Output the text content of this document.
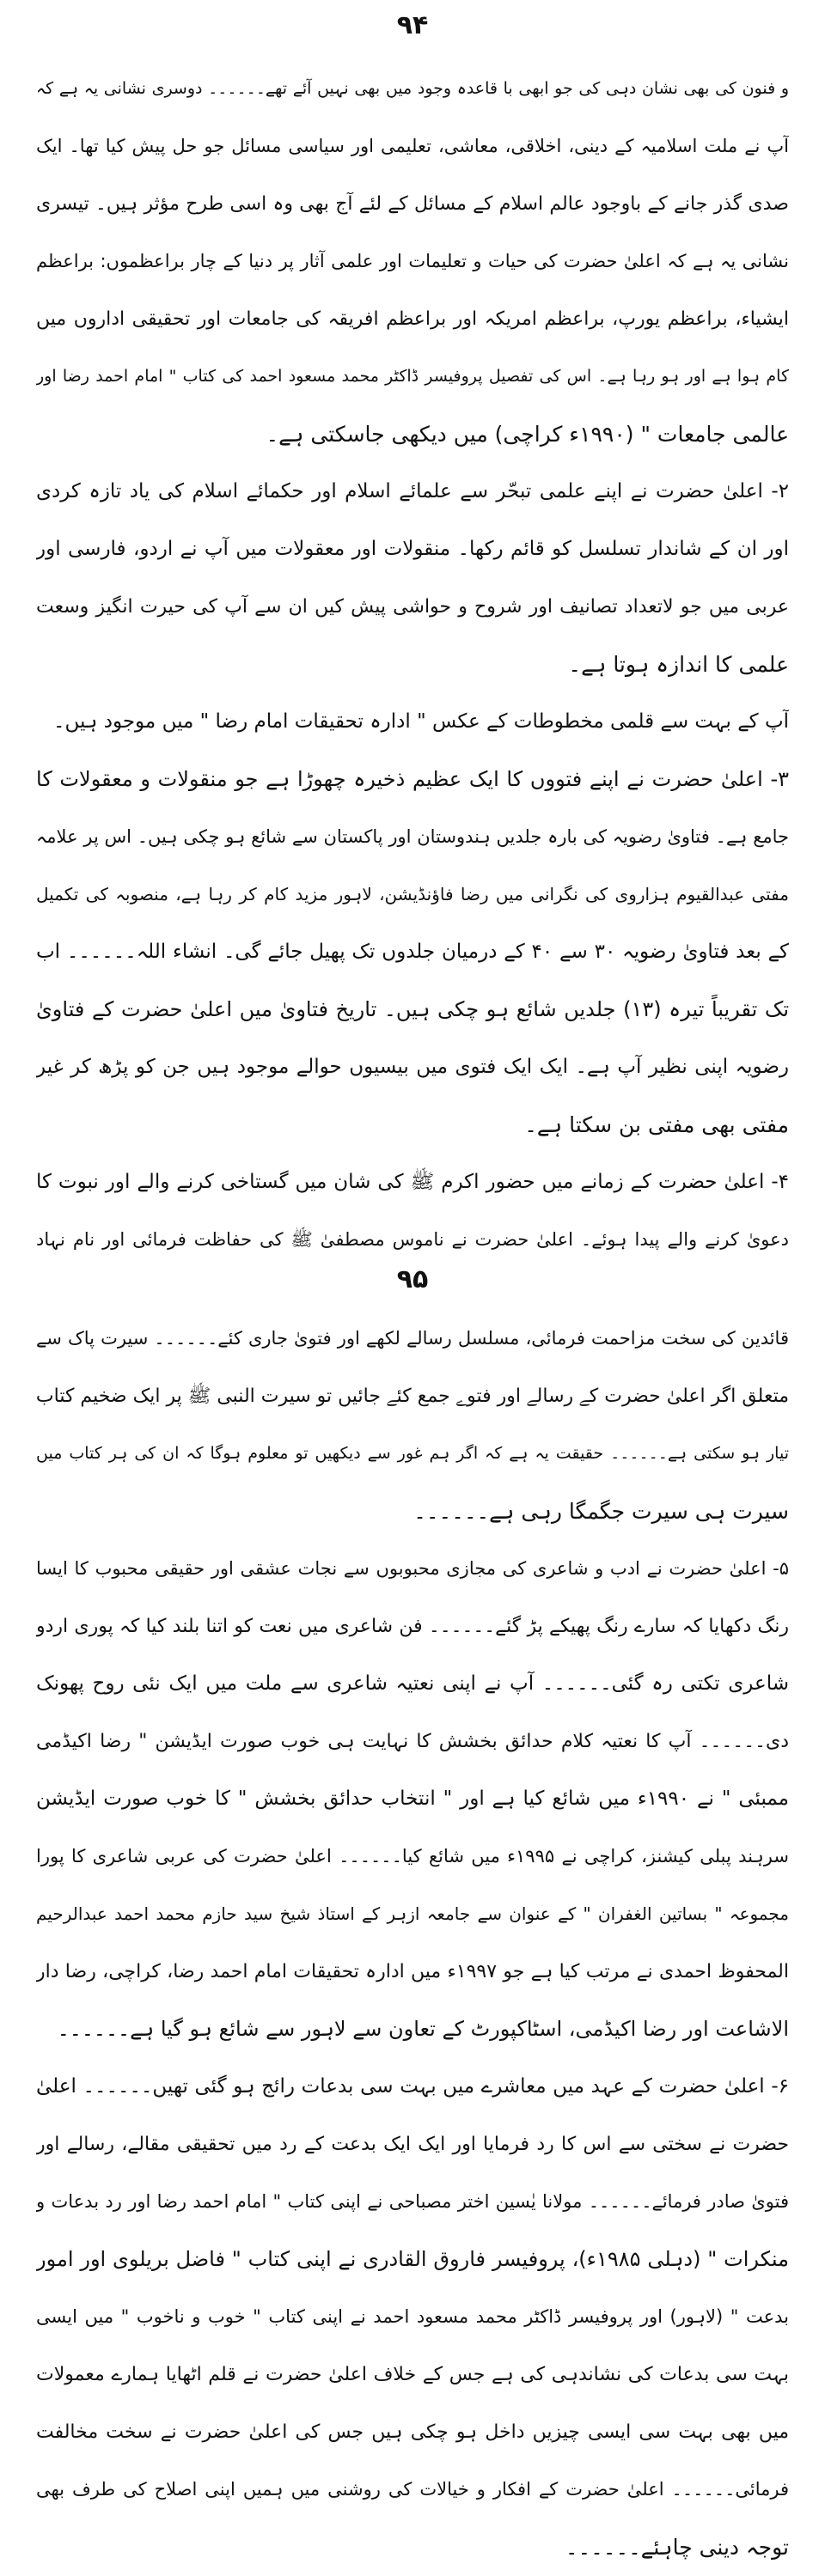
۹۴
و فنون کی بھی نشان دہی کی جو ابھی با قاعدہ وجود میں بھی نہیں آئے تھے۔۔۔۔۔۔ دوسری نشانی یہ ہے کہ
آپ نے ملت اسلامیہ کے دینی، اخلاقی، معاشی، تعلیمی اور سیاسی مسائل جو حل پیش کیا تھا۔ ایک
صدی گذر جانے کے باوجود عالم اسلام کے مسائل کے لئے آج بھی وہ اسی طرح مؤثر ہیں۔ تیسری
نشانی یہ ہے کہ اعلیٰ حضرت کی حیات و تعلیمات اور علمی آثار پر دنیا کے چار براعظموں: براعظم
ایشیاء، براعظم یورپ، براعظم امریکہ اور براعظم افریقہ کی جامعات اور تحقیقی اداروں میں
کام ہوا ہے اور ہو رہا ہے۔ اس کی تفصیل پروفیسر ڈاکٹر محمد مسعود احمد کی کتاب " امام احمد رضا اور
عالمی جامعات " (۱۹۹۰ء کراچی) میں دیکھی جاسکتی ہے۔
۲- اعلیٰ حضرت نے اپنے علمی تبحّر سے علمائے اسلام اور حکمائے اسلام کی یاد تازہ کردی
اور ان کے شاندار تسلسل کو قائم رکھا۔ منقولات اور معقولات میں آپ نے اردو، فارسی اور
عربی میں جو لاتعداد تصانیف اور شروح و حواشی پیش کیں ان سے آپ کی حیرت انگیز وسعت
علمی کا اندازہ ہوتا ہے۔
آپ کے بہت سے قلمی مخطوطات کے عکس " ادارہ تحقیقات امام رضا " میں موجود ہیں۔
۳- اعلیٰ حضرت نے اپنے فتووں کا ایک عظیم ذخیرہ چھوڑا ہے جو منقولات و معقولات کا
جامع ہے۔ فتاویٰ رضویہ کی بارہ جلدیں ہندوستان اور پاکستان سے شائع ہو چکی ہیں۔ اس پر علامہ
مفتی عبدالقیوم ہزاروی کی نگرانی میں رضا فاؤنڈیشن، لاہور مزید کام کر رہا ہے، منصوبہ کی تکمیل
کے بعد فتاویٰ رضویہ ۳۰ سے ۴۰ کے درمیان جلدوں تک پھیل جائے گی۔ انشاء اللہ۔۔۔۔۔۔ اب
تک تقریباً تیرہ (۱۳) جلدیں شائع ہو چکی ہیں۔ تاریخ فتاویٰ میں اعلیٰ حضرت کے فتاویٰ
رضویہ اپنی نظیر آپ ہے۔ ایک ایک فتوی میں بیسیوں حوالے موجود ہیں جن کو پڑھ کر غیر
مفتی بھی مفتی بن سکتا ہے۔
۴- اعلیٰ حضرت کے زمانے میں حضور اکرم ﷺ کی شان میں گستاخی کرنے والے اور نبوت کا
دعویٰ کرنے والے پیدا ہوئے۔ اعلیٰ حضرت نے ناموس مصطفیٰ ﷺ کی حفاظت فرمائی اور نام نہاد
۹۵
قائدین کی سخت مزاحمت فرمائی، مسلسل رسالے لکھے اور فتویٰ جاری کئے۔۔۔۔۔۔ سیرت پاک سے
متعلق اگر اعلیٰ حضرت کے رسالے اور فتوے جمع کئے جائیں تو سیرت النبی ﷺ پر ایک ضخیم کتاب
تیار ہو سکتی ہے۔۔۔۔۔۔ حقیقت یہ ہے کہ اگر ہم غور سے دیکھیں تو معلوم ہوگا کہ ان کی ہر کتاب میں
سیرت ہی سیرت جگمگا رہی ہے۔۔۔۔۔۔
۵- اعلیٰ حضرت نے ادب و شاعری کی مجازی محبوبوں سے نجات عشقی اور حقیقی محبوب کا ایسا
رنگ دکھایا کہ سارے رنگ پھیکے پڑ گئے۔۔۔۔۔۔ فن شاعری میں نعت کو اتنا بلند کیا کہ پوری اردو
شاعری تکتی رہ گئی۔۔۔۔۔۔ آپ نے اپنی نعتیہ شاعری سے ملت میں ایک نئی روح پھونک
دی۔۔۔۔۔۔ آپ کا نعتیہ کلام حدائق بخشش کا نہایت ہی خوب صورت ایڈیشن " رضا اکیڈمی
ممبئی " نے ۱۹۹۰ء میں شائع کیا ہے اور " انتخاب حدائق بخشش " کا خوب صورت ایڈیشن
سرہند پبلی کیشنز، کراچی نے ۱۹۹۵ء میں شائع کیا۔۔۔۔۔۔ اعلیٰ حضرت کی عربی شاعری کا پورا
مجموعہ " بساتین الغفران " کے عنوان سے جامعہ ازہر کے استاذ شیخ سید حازم محمد احمد عبدالرحیم
المحفوظ احمدی نے مرتب کیا ہے جو ۱۹۹۷ء میں ادارہ تحقیقات امام احمد رضا، کراچی، رضا دار
الاشاعت اور رضا اکیڈمی، اسٹاکپورٹ کے تعاون سے لاہور سے شائع ہو گیا ہے۔۔۔۔۔۔
۶- اعلیٰ حضرت کے عہد میں معاشرے میں بہت سی بدعات رائج ہو گئی تھیں۔۔۔۔۔۔ اعلیٰ
حضرت نے سختی سے اس کا رد فرمایا اور ایک ایک بدعت کے رد میں تحقیقی مقالے، رسالے اور
فتویٰ صادر فرمائے۔۔۔۔۔۔ مولانا یٰسین اختر مصباحی نے اپنی کتاب " امام احمد رضا اور رد بدعات و
منکرات " (دہلی ۱۹۸۵ء)، پروفیسر فاروق القادری نے اپنی کتاب " فاضل بریلوی اور امور
بدعت " (لاہور) اور پروفیسر ڈاکٹر محمد مسعود احمد نے اپنی کتاب " خوب و ناخوب " میں ایسی
بہت سی بدعات کی نشاندہی کی ہے جس کے خلاف اعلیٰ حضرت نے قلم اٹھایا ہمارے معمولات
میں بھی بہت سی ایسی چیزیں داخل ہو چکی ہیں جس کی اعلیٰ حضرت نے سخت مخالفت
فرمائی۔۔۔۔۔۔ اعلیٰ حضرت کے افکار و خیالات کی روشنی میں ہمیں اپنی اصلاح کی طرف بھی
توجہ دینی چاہئے۔۔۔۔۔۔
